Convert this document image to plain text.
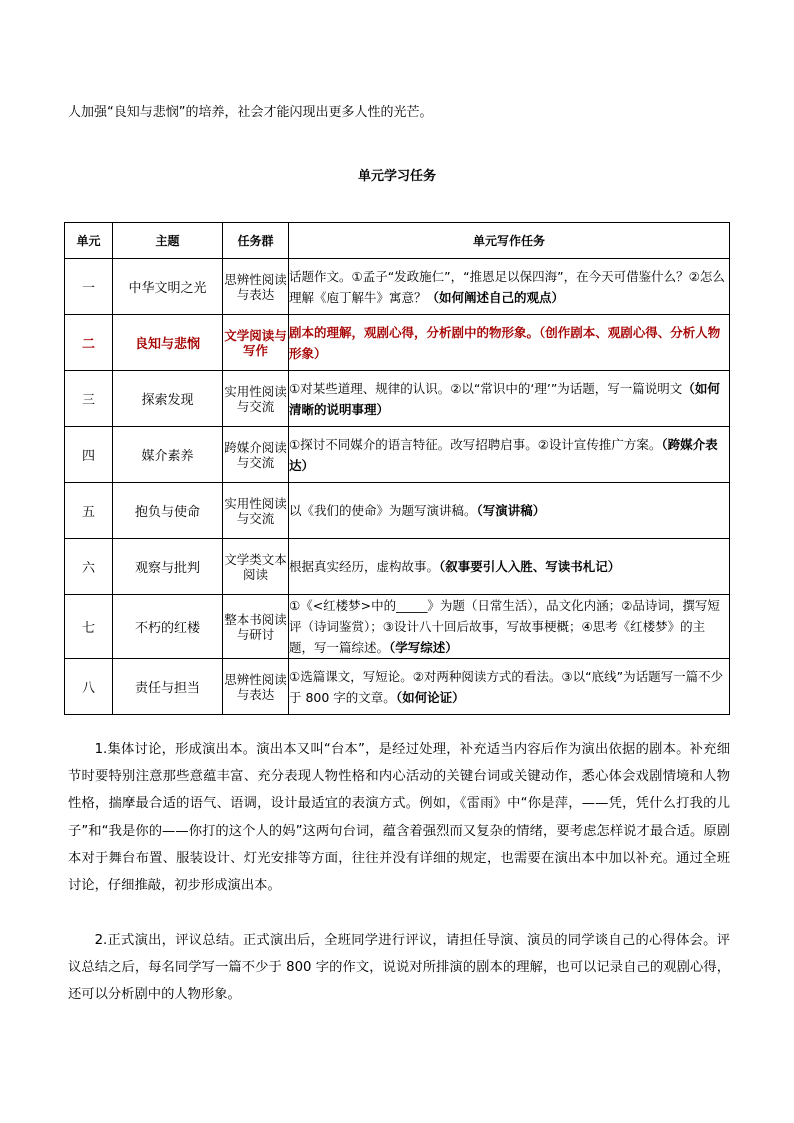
人加强“良知与悲悯”的培养，社会才能闪现出更多人性的光芒。
单元学习任务
单元	主题	任务群	单元写作任务
一	中华文明之光	思辨性阅读与表达	话题作文。①孟子“发政施仁”，“推恩足以保四海”，在今天可借鉴什么？②怎么理解《庖丁解牛》寓意？（如何阐述自己的观点）
二	良知与悲悯	文学阅读与写作	剧本的理解，观剧心得，分析剧中的物形象。（创作剧本、观剧心得、分析人物形象）
三	探索发现	实用性阅读与交流	①对某些道理、规律的认识。②以“常识中的‘理’”为话题，写一篇说明文（如何清晰的说明事理）
四	媒介素养	跨媒介阅读与交流	①探讨不同媒介的语言特征。改写招聘启事。②设计宣传推广方案。（跨媒介表达）
五	抱负与使命	实用性阅读与交流	以《我们的使命》为题写演讲稿。（写演讲稿）
六	观察与批判	文学类文本阅读	根据真实经历，虚构故事。（叙事要引人入胜、写读书札记）
七	不朽的红楼	整本书阅读与研讨	①《<红楼梦>中的_____》为题（日常生活），品文化内涵；②品诗词，撰写短评（诗词鉴赏）；③设计八十回后故事，写故事梗概；④思考《红楼梦》的主题，写一篇综述。（学写综述）
八	责任与担当	思辨性阅读与表达	①选篇课文，写短论。②对两种阅读方式的看法。③以“底线”为话题写一篇不少于 800 字的文章。（如何论证）

1.集体讨论，形成演出本。演出本又叫“台本”，是经过处理，补充适当内容后作为演出依据的剧本。补充细节时要特别注意那些意蕴丰富、充分表现人物性格和内心活动的关键台词或关键动作，悉心体会戏剧情境和人物性格，揣摩最合适的语气、语调，设计最适宜的表演方式。例如，《雷雨》中“你是萍，——凭，凭什么打我的儿子”和“我是你的——你打的这个人的妈”这两句台词，蕴含着强烈而又复杂的情绪，要考虑怎样说才最合适。原剧本对于舞台布置、服装设计、灯光安排等方面，往往并没有详细的规定，也需要在演出本中加以补充。通过全班讨论，仔细推敲，初步形成演出本。

2.正式演出，评议总结。正式演出后，全班同学进行评议，请担任导演、演员的同学谈自己的心得体会。评议总结之后，每名同学写一篇不少于 800 字的作文，说说对所排演的剧本的理解，也可以记录自己的观剧心得，还可以分析剧中的人物形象。
